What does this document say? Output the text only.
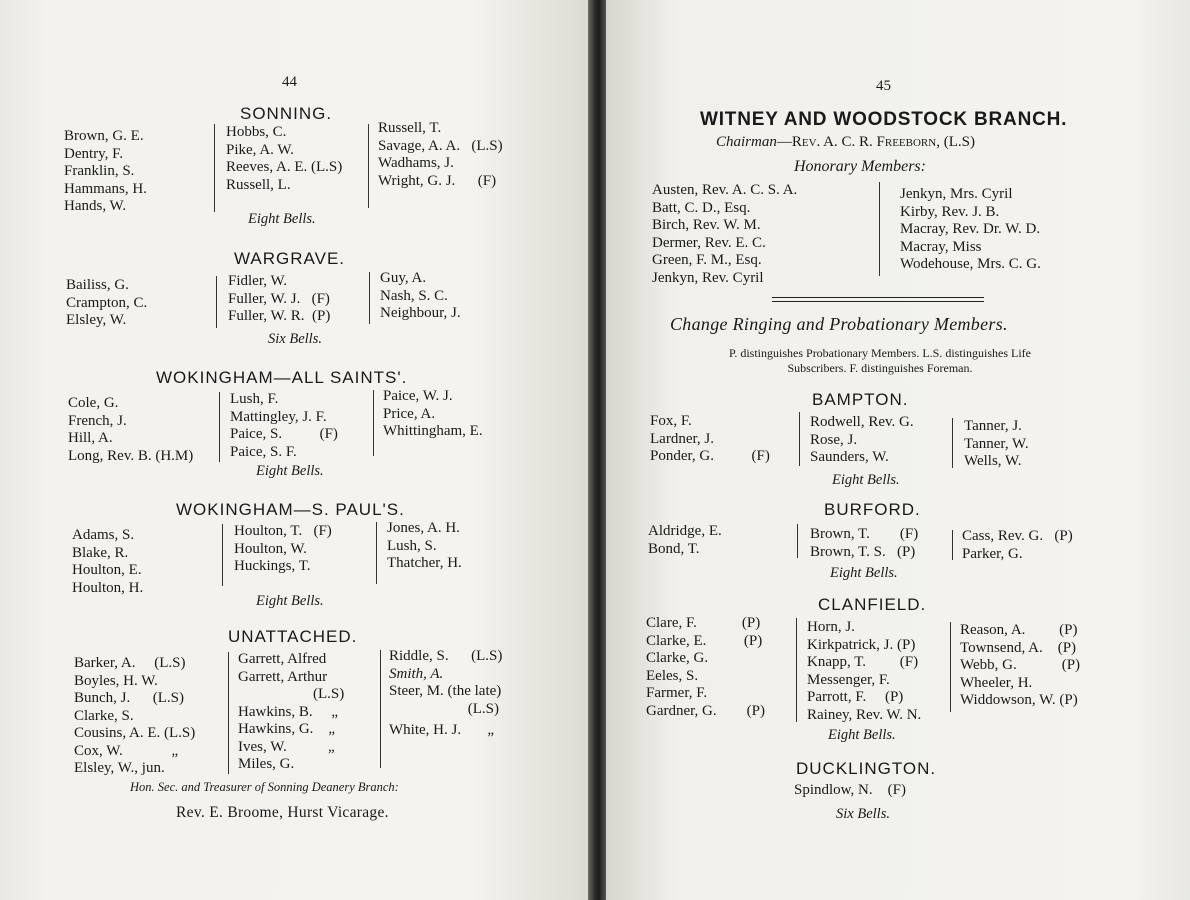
44
SONNING.
Brown, G. E.
Dentry, F.
Franklin, S.
Hammans, H.
Hands, W.
Hobbs, C.
Pike, A. W.
Reeves, A. E. (L.S)
Russell, L.
Russell, T.
Savage, A. A.   (L.S)
Wadhams, J.
Wright, G. J.      (F)
Eight Bells.
WARGRAVE.
Bailiss, G.
Crampton, C.
Elsley, W.
Fidler, W.
Fuller, W. J.   (F)
Fuller, W. R.  (P)
Guy, A.
Nash, S. C.
Neighbour, J.
Six Bells.
WOKINGHAM—ALL SAINTS'.
Cole, G.
French, J.
Hill, A.
Long, Rev. B. (H.M)
Lush, F.
Mattingley, J. F.
Paice, S.          (F)
Paice, S. F.
Paice, W. J.
Price, A.
Whittingham, E.
Eight Bells.
WOKINGHAM—S. PAUL'S.
Adams, S.
Blake, R.
Houlton, E.
Houlton, H.
Houlton, T.   (F)
Houlton, W.
Huckings, T.
Jones, A. H.
Lush, S.
Thatcher, H.
Eight Bells.
UNATTACHED.
Barker, A.     (L.S)
Boyles, H. W.
Bunch, J.      (L.S)
Clarke, S.
Cousins, A. E. (L.S)
Cox, W.             „
Elsley, W., jun.
Garrett, Alfred
Garrett, Arthur
(L.S)
Hawkins, B.     „
Hawkins, G.    „
Ives, W.           „
Miles, G.
Riddle, S.      (L.S)
Smith, A.
Steer, M. (the late)
(L.S)
White, H. J.       „
Hon. Sec. and Treasurer of Sonning Deanery Branch:
Rev. E. Broome, Hurst Vicarage.
45
WITNEY AND WOODSTOCK BRANCH.
Chairman—Rev. A. C. R. Freeborn, (L.S)
Honorary Members:
Austen, Rev. A. C. S. A.
Batt, C. D., Esq.
Birch, Rev. W. M.
Dermer, Rev. E. C.
Green, F. M., Esq.
Jenkyn, Rev. Cyril
Jenkyn, Mrs. Cyril
Kirby, Rev. J. B.
Macray, Rev. Dr. W. D.
Macray, Miss
Wodehouse, Mrs. C. G.
Change Ringing and Probationary Members.
P. distinguishes Probationary Members. L.S. distinguishes Life
Subscribers. F. distinguishes Foreman.
BAMPTON.
Fox, F.
Lardner, J.
Ponder, G.          (F)
Rodwell, Rev. G.
Rose, J.
Saunders, W.
Tanner, J.
Tanner, W.
Wells, W.
Eight Bells.
BURFORD.
Aldridge, E.
Bond, T.
Brown, T.        (F)
Brown, T. S.   (P)
Cass, Rev. G.   (P)
Parker, G.
Eight Bells.
CLANFIELD.
Clare, F.            (P)
Clarke, E.          (P)
Clarke, G.
Eeles, S.
Farmer, F.
Gardner, G.        (P)
Horn, J.
Kirkpatrick, J. (P)
Knapp, T.         (F)
Messenger, F.
Parrott, F.     (P)
Rainey, Rev. W. N.
Reason, A.         (P)
Townsend, A.    (P)
Webb, G.            (P)
Wheeler, H.
Widdowson, W. (P)
Eight Bells.
DUCKLINGTON.
Spindlow, N.    (F)
Six Bells.
